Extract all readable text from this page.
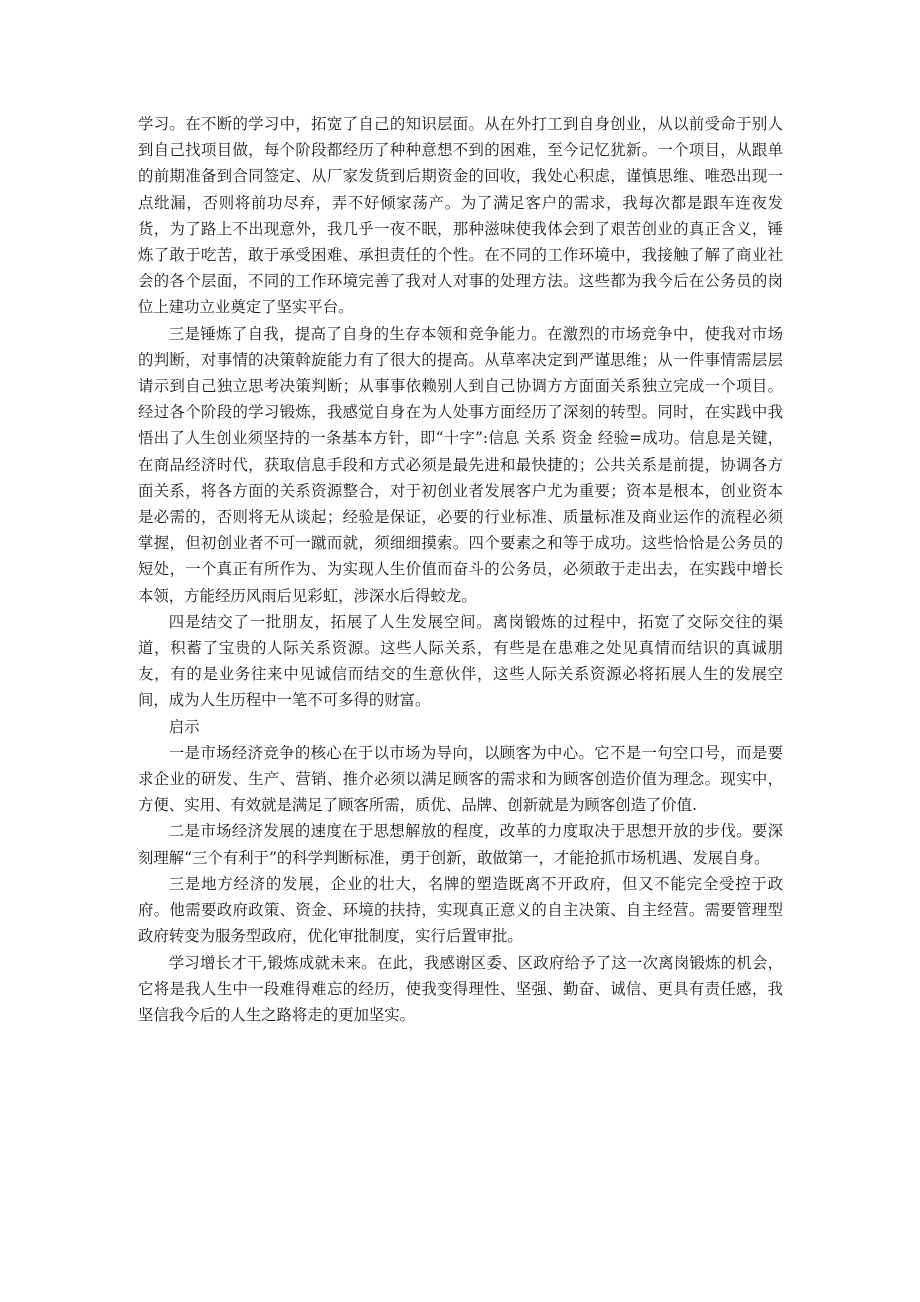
学习。在不断的学习中，拓宽了自己的知识层面。从在外打工到自身创业，从以前受命于别人到自己找项目做，每个阶段都经历了种种意想不到的困难，至今记忆犹新。一个项目，从跟单的前期准备到合同签定、从厂家发货到后期资金的回收，我处心积虑，谨慎思维、唯恐出现一点纰漏，否则将前功尽弃，弄不好倾家荡产。为了满足客户的需求，我每次都是跟车连夜发货，为了路上不出现意外，我几乎一夜不眠，那种滋味使我体会到了艰苦创业的真正含义，锤炼了敢于吃苦，敢于承受困难、承担责任的个性。在不同的工作环境中，我接触了解了商业社会的各个层面，不同的工作环境完善了我对人对事的处理方法。这些都为我今后在公务员的岗位上建功立业奠定了坚实平台。

三是锤炼了自我，提高了自身的生存本领和竞争能力。在激烈的市场竞争中，使我对市场的判断，对事情的决策斡旋能力有了很大的提高。从草率决定到严谨思维；从一件事情需层层请示到自己独立思考决策判断；从事事依赖别人到自己协调方方面面关系独立完成一个项目。经过各个阶段的学习锻炼，我感觉自身在为人处事方面经历了深刻的转型。同时，在实践中我悟出了人生创业须坚持的一条基本方针，即“十字”:信息 关系 资金 经验=成功。信息是关键，在商品经济时代，获取信息手段和方式必须是最先进和最快捷的；公共关系是前提，协调各方面关系，将各方面的关系资源整合，对于初创业者发展客户尤为重要；资本是根本，创业资本是必需的，否则将无从谈起；经验是保证，必要的行业标准、质量标准及商业运作的流程必须掌握，但初创业者不可一蹴而就，须细细摸索。四个要素之和等于成功。这些恰恰是公务员的短处，一个真正有所作为、为实现人生价值而奋斗的公务员，必须敢于走出去，在实践中增长本领，方能经历风雨后见彩虹，涉深水后得蛟龙。

四是结交了一批朋友，拓展了人生发展空间。离岗锻炼的过程中，拓宽了交际交往的渠道，积蓄了宝贵的人际关系资源。这些人际关系，有些是在患难之处见真情而结识的真诚朋友，有的是业务往来中见诚信而结交的生意伙伴，这些人际关系资源必将拓展人生的发展空间，成为人生历程中一笔不可多得的财富。

启示

一是市场经济竞争的核心在于以市场为导向，以顾客为中心。它不是一句空口号，而是要求企业的研发、生产、营销、推介必须以满足顾客的需求和为顾客创造价值为理念。现实中，方便、实用、有效就是满足了顾客所需，质优、品牌、创新就是为顾客创造了价值.

二是市场经济发展的速度在于思想解放的程度，改革的力度取决于思想开放的步伐。要深刻理解“三个有利于”的科学判断标准，勇于创新，敢做第一，才能抢抓市场机遇、发展自身。

三是地方经济的发展，企业的壮大，名牌的塑造既离不开政府，但又不能完全受控于政府。他需要政府政策、资金、环境的扶持，实现真正意义的自主决策、自主经营。需要管理型政府转变为服务型政府，优化审批制度，实行后置审批。

学习增长才干,锻炼成就未来。在此，我感谢区委、区政府给予了这一次离岗锻炼的机会，它将是我人生中一段难得难忘的经历，使我变得理性、坚强、勤奋、诚信、更具有责任感，我坚信我今后的人生之路将走的更加坚实。
